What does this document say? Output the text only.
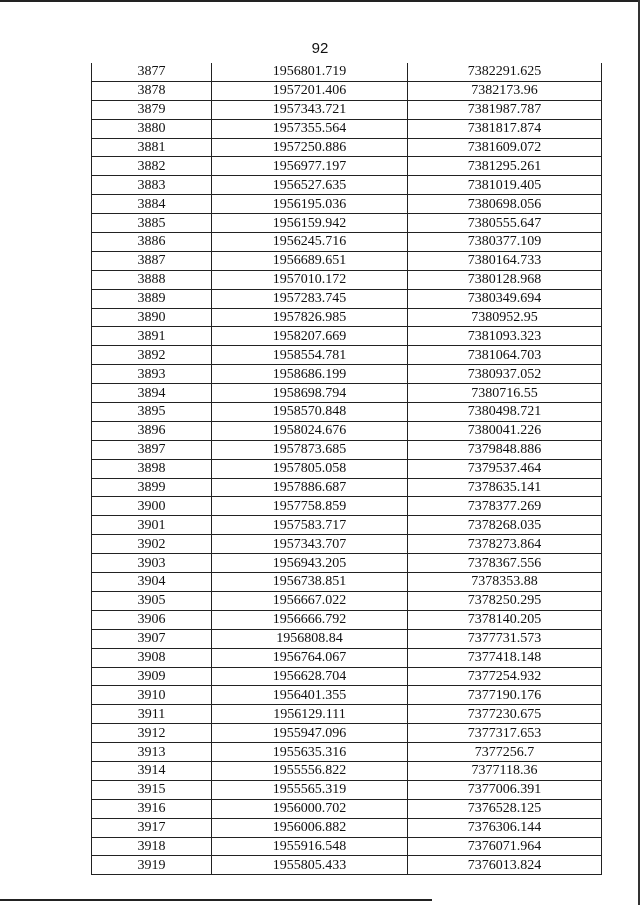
92
3877	1956801.719	7382291.625
3878	1957201.406	7382173.96
3879	1957343.721	7381987.787
3880	1957355.564	7381817.874
3881	1957250.886	7381609.072
3882	1956977.197	7381295.261
3883	1956527.635	7381019.405
3884	1956195.036	7380698.056
3885	1956159.942	7380555.647
3886	1956245.716	7380377.109
3887	1956689.651	7380164.733
3888	1957010.172	7380128.968
3889	1957283.745	7380349.694
3890	1957826.985	7380952.95
3891	1958207.669	7381093.323
3892	1958554.781	7381064.703
3893	1958686.199	7380937.052
3894	1958698.794	7380716.55
3895	1958570.848	7380498.721
3896	1958024.676	7380041.226
3897	1957873.685	7379848.886
3898	1957805.058	7379537.464
3899	1957886.687	7378635.141
3900	1957758.859	7378377.269
3901	1957583.717	7378268.035
3902	1957343.707	7378273.864
3903	1956943.205	7378367.556
3904	1956738.851	7378353.88
3905	1956667.022	7378250.295
3906	1956666.792	7378140.205
3907	1956808.84	7377731.573
3908	1956764.067	7377418.148
3909	1956628.704	7377254.932
3910	1956401.355	7377190.176
3911	1956129.111	7377230.675
3912	1955947.096	7377317.653
3913	1955635.316	7377256.7
3914	1955556.822	7377118.36
3915	1955565.319	7377006.391
3916	1956000.702	7376528.125
3917	1956006.882	7376306.144
3918	1955916.548	7376071.964
3919	1955805.433	7376013.824
